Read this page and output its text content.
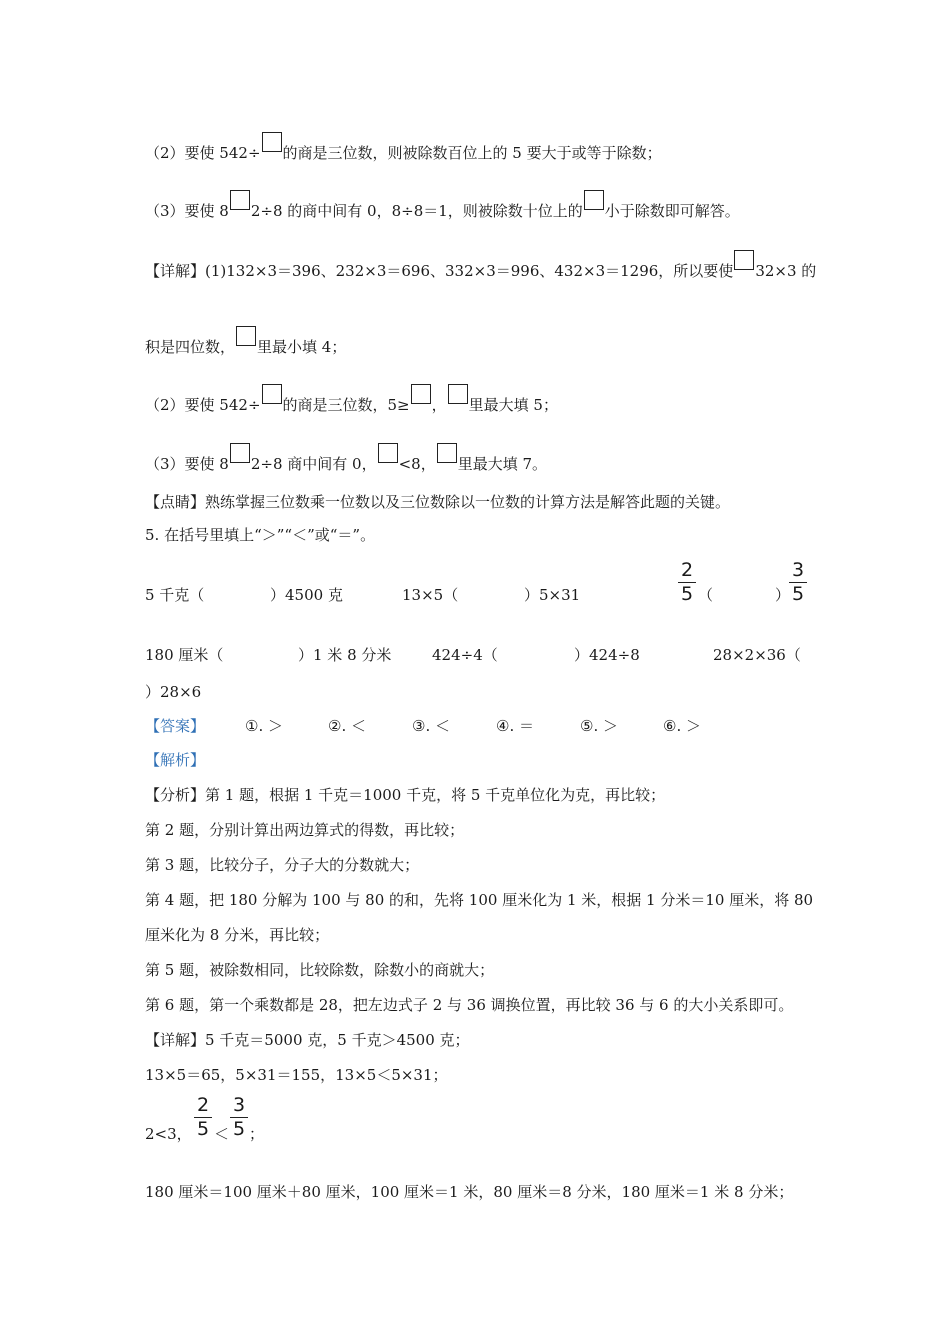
（2）要使 542÷ 的商是三位数，则被除数百位上的 5 要大于或等于除数；
（3）要使 8 2÷8 的商中间有 0，8÷8＝1，则被除数十位上的 小于除数即可解答。
【详解】(1)132×3＝396、232×3＝696、332×3＝996、432×3＝1296，所以要使 32×3 的
积是四位数， 里最小填 4；
（2）要使 542÷ 的商是三位数，5≥ ， 里最大填 5；
（3）要使 8 2÷8 商中间有 0， <8， 里最大填 7。
【点睛】熟练掌握三位数乘一位数以及三位数除以一位数的计算方法是解答此题的关键。
5. 在括号里填上“＞”“＜”或“＝”。
5 千克（	）4500 克	13×5（	）5×31
2
5 （	）
3
5
180 厘米（	）1 米 8 分米	424÷4（	）424÷8	28×2×36（
）28×6
【答案】	①. ＞	②. ＜	③. ＜	④. ＝	⑤. ＞	⑥. ＞
【解析】
【分析】第 1 题，根据 1 千克＝1000 千克，将 5 千克单位化为克，再比较；
第 2 题，分别计算出两边算式的得数，再比较；
第 3 题，比较分子，分子大的分数就大；
第 4 题，把 180 分解为 100 与 80 的和，先将 100 厘米化为 1 米，根据 1 分米＝10 厘米，将 80
厘米化为 8 分米，再比较；
第 5 题，被除数相同，比较除数，除数小的商就大；
第 6 题，第一个乘数都是 28，把左边式子 2 与 36 调换位置，再比较 36 与 6 的大小关系即可。
【详解】5 千克＝5000 克，5 千克＞4500 克；
13×5＝65，5×31＝155，13×5＜5×31；
2<3，
2
5 ＜
3
5 ；
180 厘米＝100 厘米＋80 厘米，100 厘米＝1 米，80 厘米＝8 分米，180 厘米＝1 米 8 分米；
